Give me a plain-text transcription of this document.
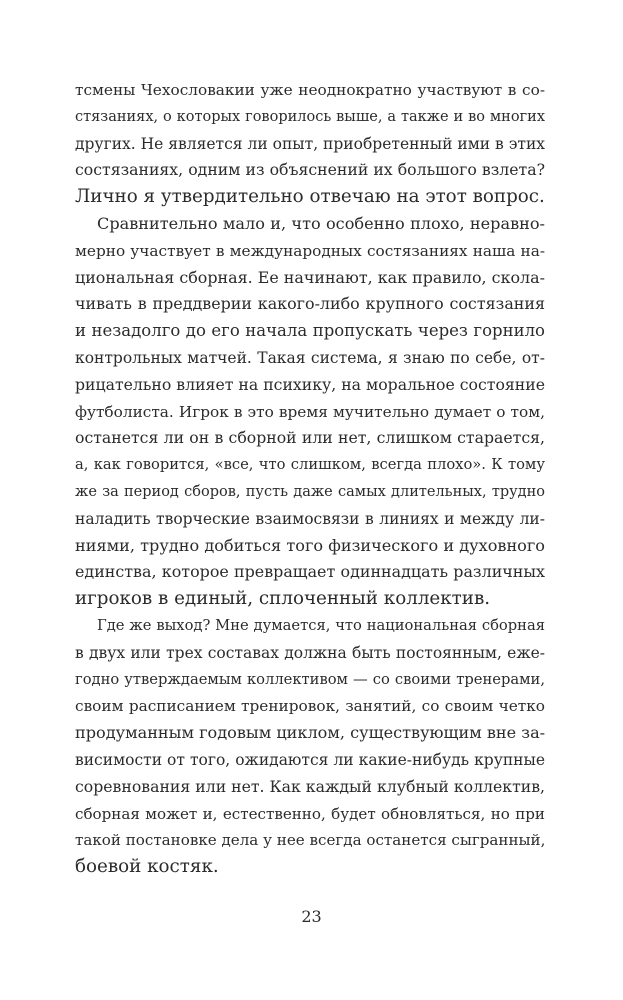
тсмены Чехословакии уже неоднократно участвуют в со-
стязаниях, о которых говорилось выше, а также и во многих
других. Не является ли опыт, приобретенный ими в этих
состязаниях, одним из объяснений их большого взлета?
Лично я утвердительно отвечаю на этот вопрос.
Сравнительно мало и, что особенно плохо, неравно-
мерно участвует в международных состязаниях наша на-
циональная сборная. Ее начинают, как правило, скола-
чивать в преддверии какого-либо крупного состязания
и незадолго до его начала пропускать через горнило
контрольных матчей. Такая система, я знаю по себе, от-
рицательно влияет на психику, на моральное состояние
футболиста. Игрок в это время мучительно думает о том,
останется ли он в сборной или нет, слишком старается,
а, как говорится, «все, что слишком, всегда плохо». К тому
же за период сборов, пусть даже самых длительных, трудно
наладить творческие взаимосвязи в линиях и между ли-
ниями, трудно добиться того физического и духовного
единства, которое превращает одиннадцать различных
игроков в единый, сплоченный коллектив.
Где же выход? Мне думается, что национальная сборная
в двух или трех составах должна быть постоянным, еже-
годно утверждаемым коллективом — со своими тренерами,
своим расписанием тренировок, занятий, со своим четко
продуманным годовым циклом, существующим вне за-
висимости от того, ожидаются ли какие-нибудь крупные
соревнования или нет. Как каждый клубный коллектив,
сборная может и, естественно, будет обновляться, но при
такой постановке дела у нее всегда останется сыгранный,
боевой костяк.
23
